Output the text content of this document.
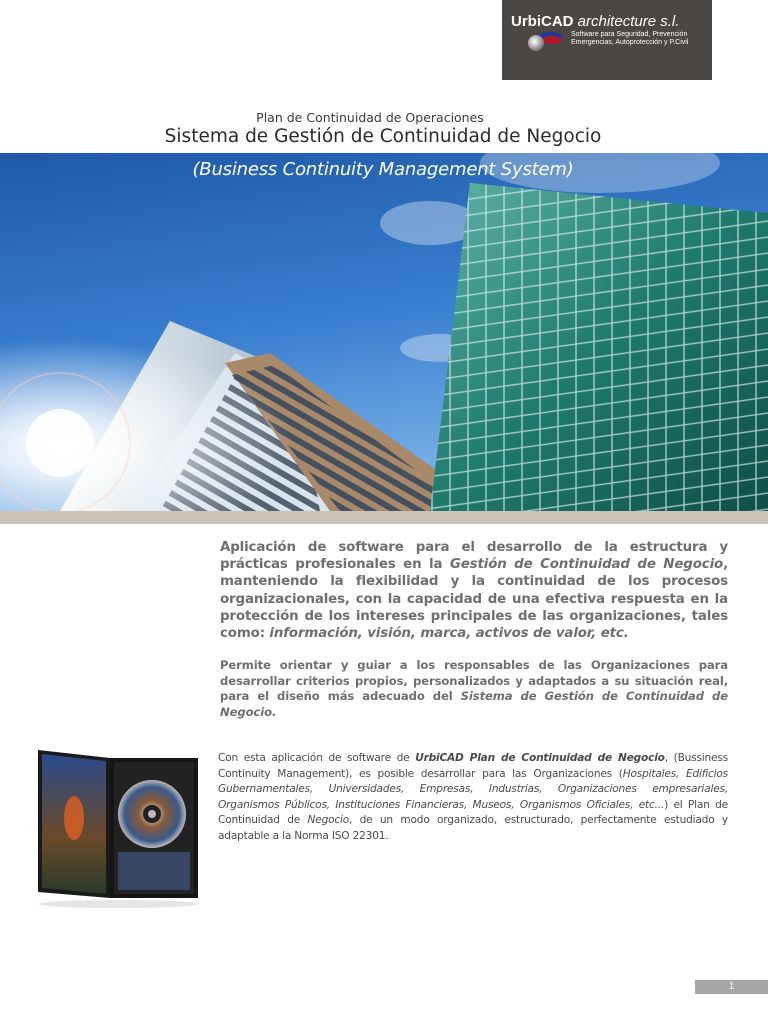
UrbiCAD architecture s.l.
Software para Seguridad, Prevención
Emergencias, Autoprotección y P.Civil
Plan de Continuidad de Operaciones
Sistema de Gestión de Continuidad de Negocio
(Business Continuity Management System)

Aplicación de software para el desarrollo de la estructura y prácticas profesionales en la Gestión de Continuidad de Negocio, manteniendo la flexibilidad y la continuidad de los procesos organizacionales, con la capacidad de una efectiva respuesta en la protección de los intereses principales de las organizaciones, tales como: información, visión, marca, activos de valor, etc.

Permite orientar y guiar a los responsables de las Organizaciones para desarrollar criterios propios, personalizados y adaptados a su situación real, para el diseño más adecuado del Sistema de Gestión de Continuidad de Negocio.

Con esta aplicación de software de UrbiCAD Plan de Continuidad de Negocio, (Bussiness Continuity Management), es posible desarrollar para las Organizaciones (Hospitales, Edificios Gubernamentales, Universidades, Empresas, Industrias, Organizaciones empresariales, Organismos Públicos, Instituciones Financieras, Museos, Organismos Oficiales, etc...) el Plan de Continuidad de Negocio, de un modo organizado, estructurado, perfectamente estudiado y adaptable a la Norma ISO 22301.

1
